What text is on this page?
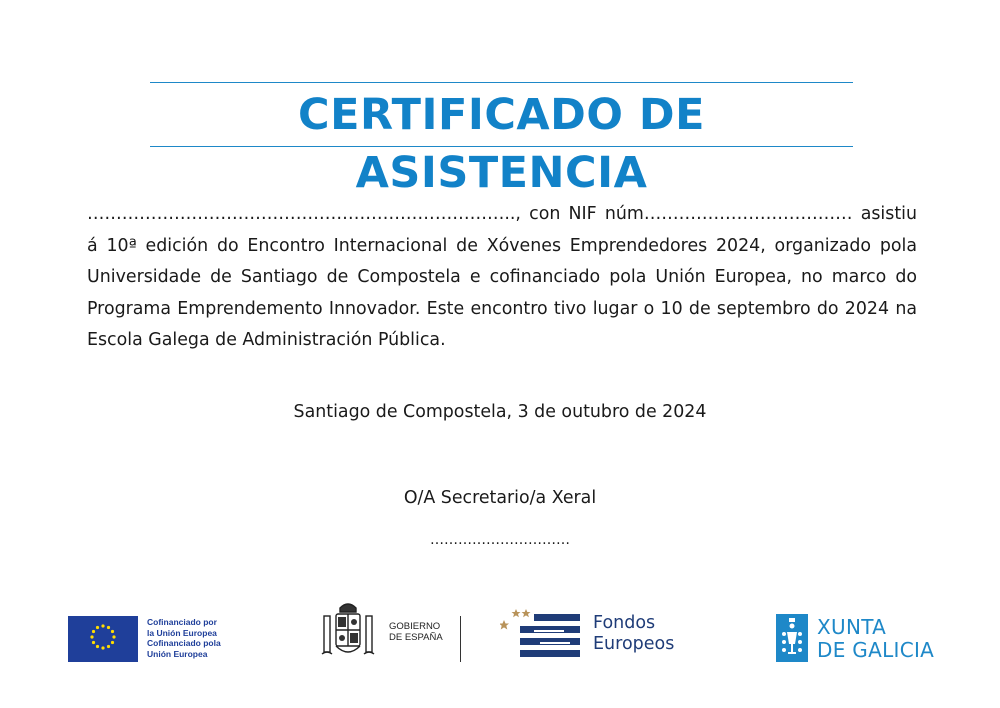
CERTIFICADO DE ASISTENCIA
……………………………………………………………….., con NIF núm……………………………… asistiu á 10ª edición do Encontro Internacional de Xóvenes Emprendedores 2024, organizado pola Universidade de Santiago de Compostela e cofinanciado pola Unión Europea, no marco do Programa Emprendemento Innovador. Este encontro tivo lugar o 10 de septembro do 2024 na Escola Galega de Administración Pública.
Santiago de Compostela, 3 de outubro de 2024
O/A Secretario/a Xeral
…………………………
Cofinanciado por
la Unión Europea
Cofinanciado pola
Unión Europea
GOBIERNO
DE ESPAÑA
Fondos
Europeos
XUNTA
DE GALICIA
